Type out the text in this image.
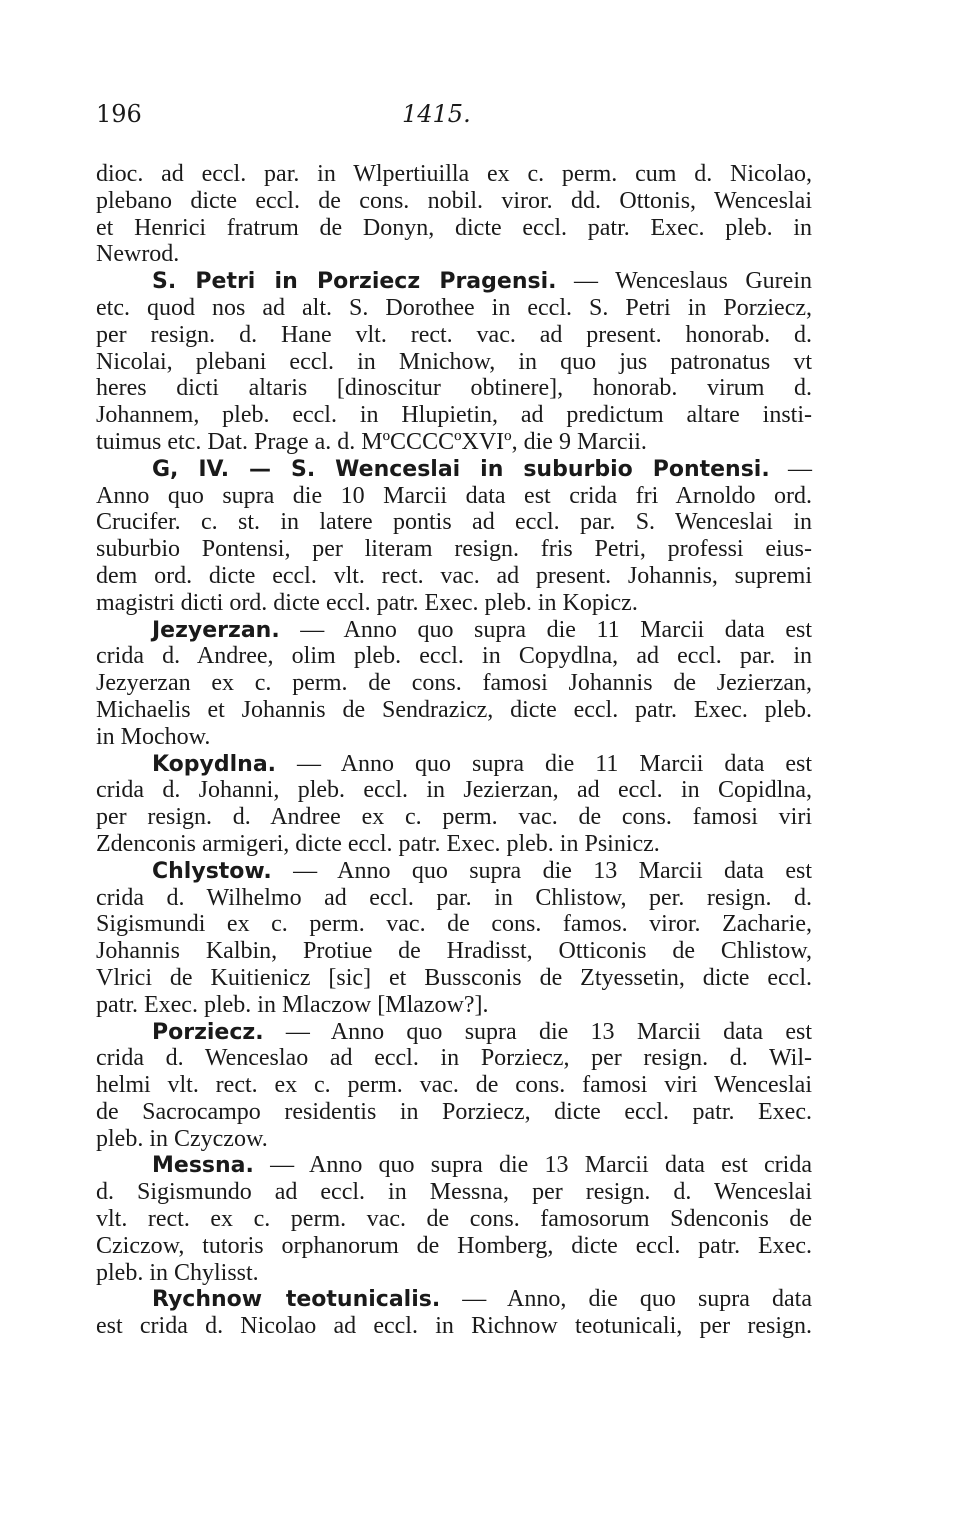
196	1415.
dioc. ad eccl. par. in Wlpertiuilla ex c. perm. cum d. Nicolao,
plebano dicte eccl. de cons. nobil. viror. dd. Ottonis, Wenceslai
et Henrici fratrum de Donyn, dicte eccl. patr. Exec. pleb. in
Newrod.
S. Petri in Porziecz Pragensi. — Wenceslaus Gurein
etc. quod nos ad alt. S. Dorothee in eccl. S. Petri in Porziecz,
per resign. d. Hane vlt. rect. vac. ad present. honorab. d.
Nicolai, plebani eccl. in Mnichow, in quo jus patronatus vt
heres dicti altaris [dinoscitur obtinere], honorab. virum d.
Johannem, pleb. eccl. in Hlupietin, ad predictum altare insti-
tuimus etc. Dat. Prage a. d. MºCCCCºXVIº, die 9 Marcii.
G, IV. — S. Wenceslai in suburbio Pontensi. —
Anno quo supra die 10 Marcii data est crida fri Arnoldo ord.
Crucifer. c. st. in latere pontis ad eccl. par. S. Wenceslai in
suburbio Pontensi, per literam resign. fris Petri, professi eius-
dem ord. dicte eccl. vlt. rect. vac. ad present. Johannis, supremi
magistri dicti ord. dicte eccl. patr. Exec. pleb. in Kopicz.
Jezyerzan. — Anno quo supra die 11 Marcii data est
crida d. Andree, olim pleb. eccl. in Copydlna, ad eccl. par. in
Jezyerzan ex c. perm. de cons. famosi Johannis de Jezierzan,
Michaelis et Johannis de Sendrazicz, dicte eccl. patr. Exec. pleb.
in Mochow.
Kopydlna. — Anno quo supra die 11 Marcii data est
crida d. Johanni, pleb. eccl. in Jezierzan, ad eccl. in Copidlna,
per resign. d. Andree ex c. perm. vac. de cons. famosi viri
Zdenconis armigeri, dicte eccl. patr. Exec. pleb. in Psinicz.
Chlystow. — Anno quo supra die 13 Marcii data est
crida d. Wilhelmo ad eccl. par. in Chlistow, per. resign. d.
Sigismundi ex c. perm. vac. de cons. famos. viror. Zacharie,
Johannis Kalbin, Protiue de Hradisst, Otticonis de Chlistow,
Vlrici de Kuitienicz [sic] et Bussconis de Ztyessetin, dicte eccl.
patr. Exec. pleb. in Mlaczow [Mlazow?].
Porziecz. — Anno quo supra die 13 Marcii data est
crida d. Wenceslao ad eccl. in Porziecz, per resign. d. Wil-
helmi vlt. rect. ex c. perm. vac. de cons. famosi viri Wenceslai
de Sacrocampo residentis in Porziecz, dicte eccl. patr. Exec.
pleb. in Czyczow.
Messna. — Anno quo supra die 13 Marcii data est crida
d. Sigismundo ad eccl. in Messna, per resign. d. Wenceslai
vlt. rect. ex c. perm. vac. de cons. famosorum Sdenconis de
Cziczow, tutoris orphanorum de Homberg, dicte eccl. patr. Exec.
pleb. in Chylisst.
Rychnow teotunicalis. — Anno, die quo supra data
est crida d. Nicolao ad eccl. in Richnow teotunicali, per resign.
